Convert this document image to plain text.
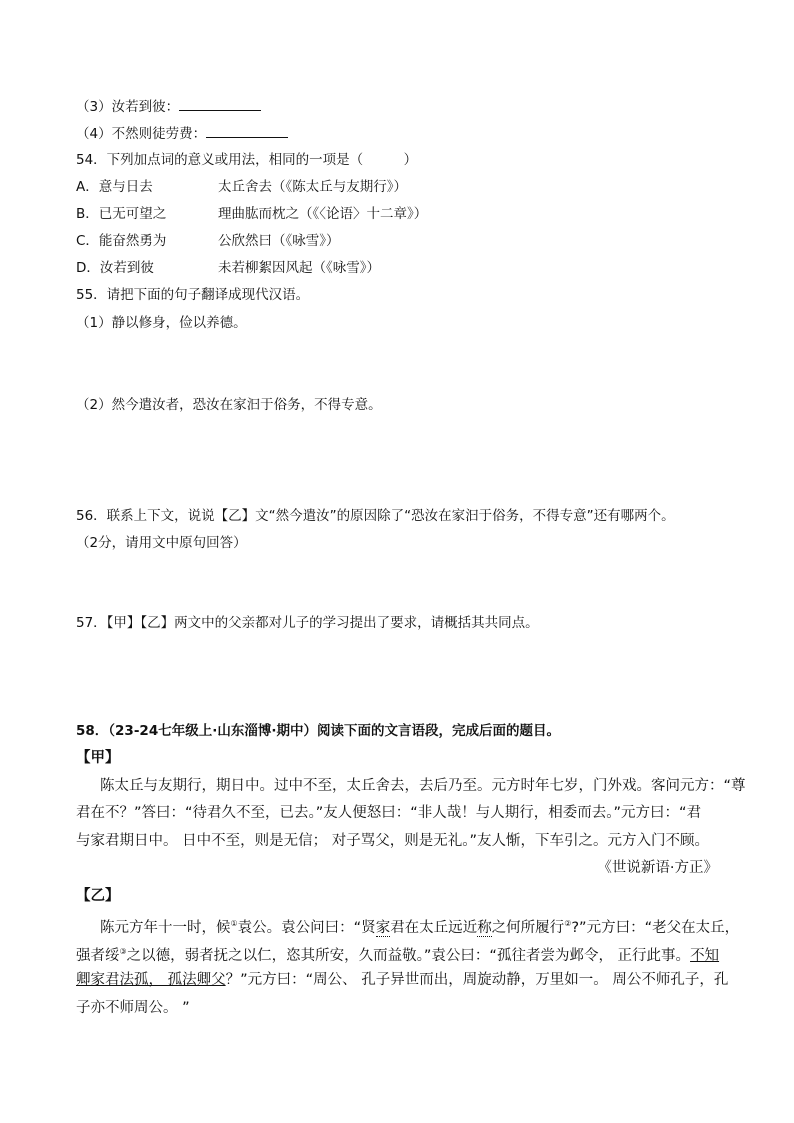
（3）汝若到彼：
（4）不然则徒劳费：
54．下列加点词的意义或用法，相同的一项是（　　　）
A．意与日去	太丘舍去（《陈太丘与友期行》）
B．已无可望之	理曲肱而枕之（《〈论语〉十二章》）
C．能奋然勇为	公欣然曰（《咏雪》）
D．汝若到彼	未若柳絮因风起（《咏雪》）
55．请把下面的句子翻译成现代汉语。
（1）静以修身，俭以养德。
（2）然今遣汝者，恐汝在家汩于俗务，不得专意。
56．联系上下文，说说【乙】文“然今遣汝”的原因除了“恐汝在家汩于俗务，不得专意”还有哪两个。
（2分，请用文中原句回答）
57．【甲】【乙】两文中的父亲都对儿子的学习提出了要求，请概括其共同点。
58．（23-24七年级上·山东淄博·期中）阅读下面的文言语段，完成后面的题目。
【甲】
陈太丘与友期行，期日中。过中不至，太丘舍去，去后乃至。元方时年七岁，门外戏。客问元方：“尊
君在不？”答曰：“待君久不至，已去。”友人便怒曰：“非人哉！与人期行，相委而去。”元方曰：“君
与家君期日中。 日中不至，则是无信； 对子骂父，则是无礼。”友人惭，下车引之。元方入门不顾。
《世说新语·方正》
【乙】
陈元方年十一时，候①袁公。袁公问曰：“贤家君在太丘远近称之何所履行②?”元方曰：“老父在太丘，
强者绥③之以德，弱者抚之以仁，恣其所安，久而益敬。”袁公曰：“孤往者尝为邺令， 正行此事。不知
卿家君法孤， 孤法卿父？”元方曰：“周公、 孔子异世而出，周旋动静，万里如一。 周公不师孔子，孔
子亦不师周公。 ”
